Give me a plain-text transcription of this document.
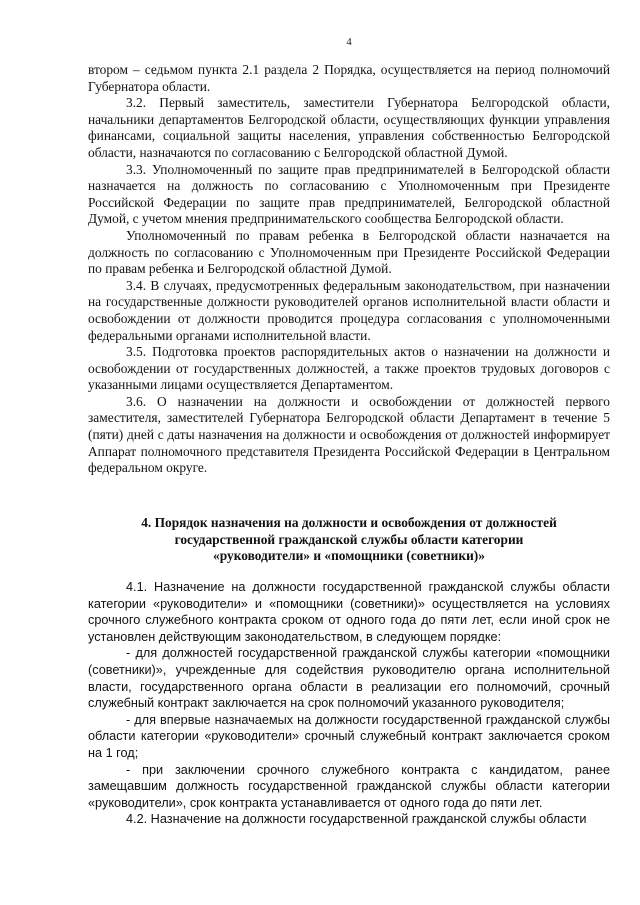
4

втором – седьмом пункта 2.1 раздела 2 Порядка, осуществляется на период полномочий Губернатора области.

3.2. Первый заместитель, заместители Губернатора Белгородской области, начальники департаментов Белгородской области, осуществляющих функции управления финансами, социальной защиты населения, управления собственностью Белгородской области, назначаются по согласованию с Белгородской областной Думой.

3.3. Уполномоченный по защите прав предпринимателей в Белгородской области назначается на должность по согласованию с Уполномоченным при Президенте Российской Федерации по защите прав предпринимателей, Белгородской областной Думой, с учетом мнения предпринимательского сообщества Белгородской области.

Уполномоченный по правам ребенка в Белгородской области назначается на должность по согласованию с Уполномоченным при Президенте Российской Федерации по правам ребенка и Белгородской областной Думой.

3.4. В случаях, предусмотренных федеральным законодательством, при назначении на государственные должности руководителей органов исполнительной власти области и освобождении от должности проводится процедура согласования с уполномоченными федеральными органами исполнительной власти.

3.5. Подготовка проектов распорядительных актов о назначении на должности и освобождении от государственных должностей, а также проектов трудовых договоров с указанными лицами осуществляется Департаментом.

3.6. О назначении на должности и освобождении от должностей первого заместителя, заместителей Губернатора Белгородской области Департамент в течение 5 (пяти) дней с даты назначения на должности и освобождения от должностей информирует Аппарат полномочного представителя Президента Российской Федерации в Центральном федеральном округе.

4. Порядок назначения на должности и освобождения от должностей

государственной гражданской службы области категории

«руководители» и «помощники (советники)»

4.1. Назначение на должности государственной гражданской службы области категории «руководители» и «помощники (советники)» осуществляется на условиях срочного служебного контракта сроком от одного года до пяти лет, если иной срок не установлен действующим законодательством, в следующем порядке:

- для должностей государственной гражданской службы категории «помощники (советники)», учрежденные для содействия руководителю органа исполнительной власти, государственного органа области в реализации его полномочий, срочный служебный контракт заключается на срок полномочий указанного руководителя;

- для впервые назначаемых на должности государственной гражданской службы области категории «руководители» срочный служебный контракт заключается сроком на 1 год;

- при заключении срочного служебного контракта с кандидатом, ранее замещавшим должность государственной гражданской службы области категории «руководители», срок контракта устанавливается от одного года до пяти лет.

4.2. Назначение на должности государственной гражданской службы области
